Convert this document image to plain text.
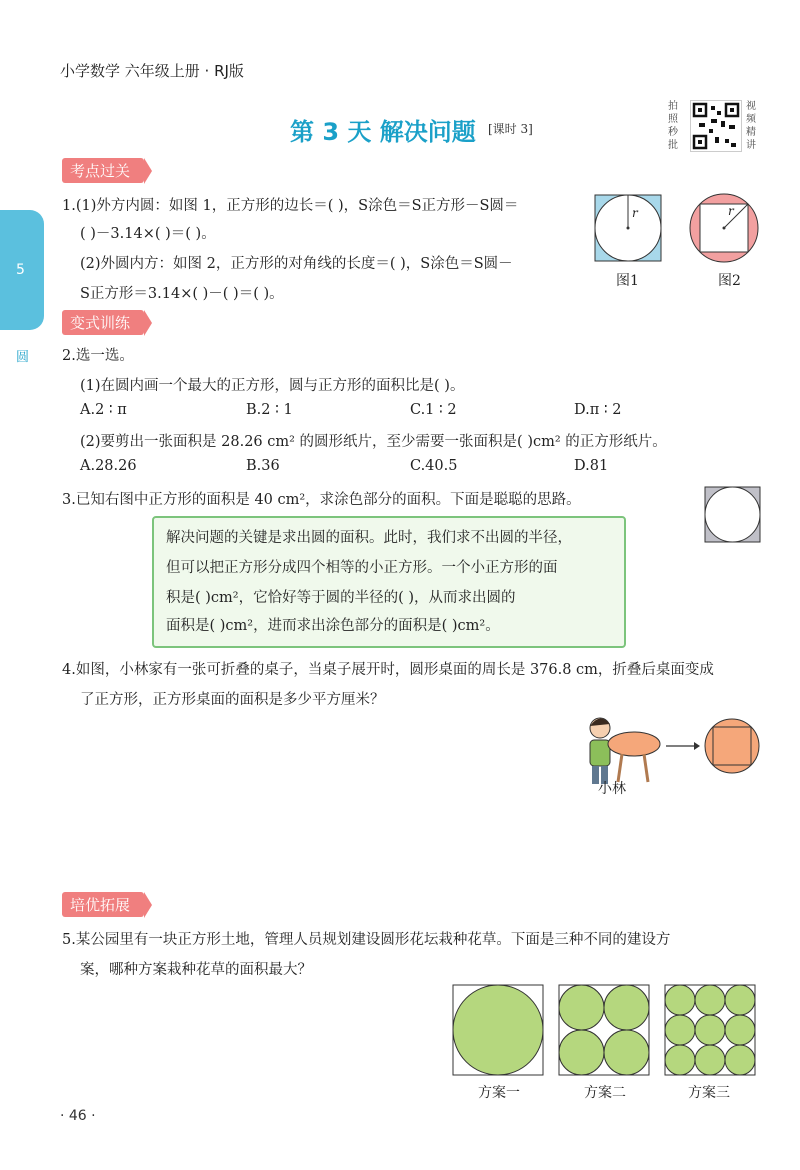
小学数学 六年级上册 · RJ版
第 3 天 解决问题 [课时 3]
拍照秒批
视频精讲
5
圆
考点过关
1.(1)外方内圆：如图 1，正方形的边长＝( )，S涂色＝S正方形－S圆＝
( )－3.14×( )＝( )。
(2)外圆内方：如图 2，正方形的对角线的长度＝( )，S涂色＝S圆－
S正方形＝3.14×( )－( )＝( )。
r
图1
r
图2
变式训练
2.选一选。
(1)在圆内画一个最大的正方形，圆与正方形的面积比是( )。
A.2 ∶ π	B.2 ∶ 1	C.1 ∶ 2	D.π ∶ 2
(2)要剪出一张面积是 28.26 cm² 的圆形纸片，至少需要一张面积是( )cm² 的正方形纸片。
A.28.26	B.36	C.40.5	D.81
3.已知右图中正方形的面积是 40 cm²，求涂色部分的面积。下面是聪聪的思路。
解决问题的关键是求出圆的面积。此时，我们求不出圆的半径，
但可以把正方形分成四个相等的小正方形。一个小正方形的面
积是( )cm²，它恰好等于圆的半径的( )，从而求出圆的
面积是( )cm²，进而求出涂色部分的面积是( )cm²。
4.如图，小林家有一张可折叠的桌子，当桌子展开时，圆形桌面的周长是 376.8 cm，折叠后桌面变成
了正方形，正方形桌面的面积是多少平方厘米？
小林
培优拓展
5.某公园里有一块正方形土地，管理人员规划建设圆形花坛栽种花草。下面是三种不同的建设方
案，哪种方案栽种花草的面积最大？
方案一	方案二	方案三
· 46 ·
